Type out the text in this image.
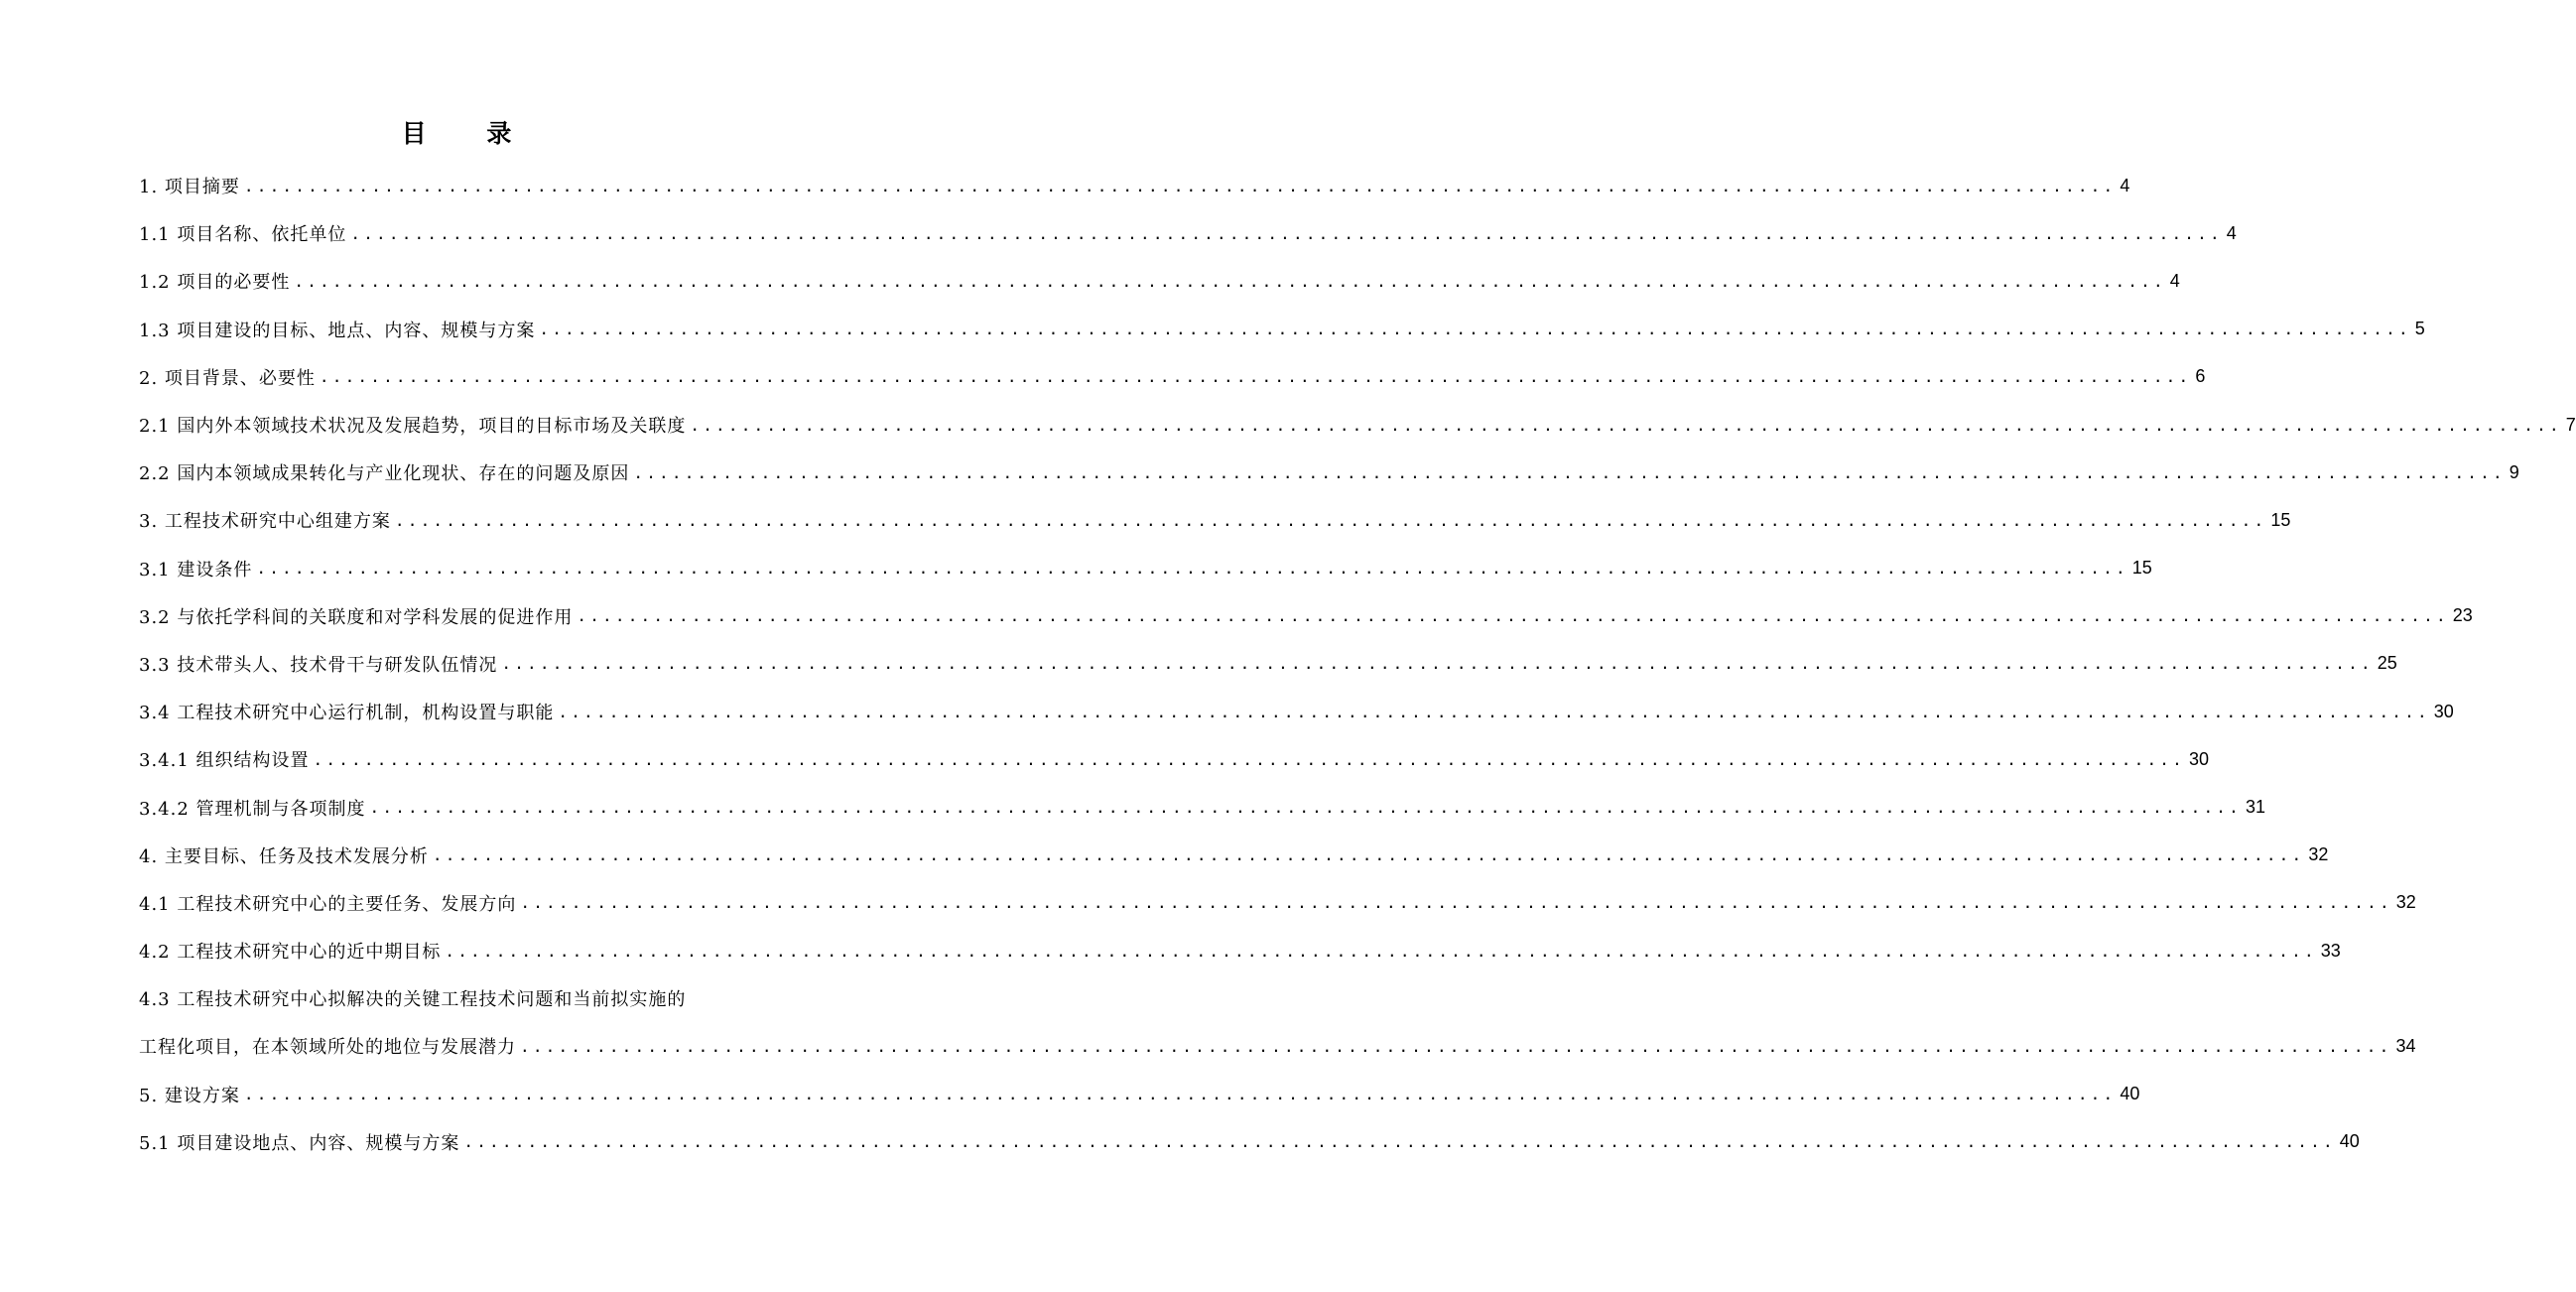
目 录
1. 项目摘要 ................................................................................................................................................... 4
1.1 项目名称、依托单位 ................................................................................................................................................... 4
1.2 项目的必要性 ................................................................................................................................................... 4
1.3 项目建设的目标、地点、内容、规模与方案 ................................................................................................................................................... 5
2. 项目背景、必要性 ................................................................................................................................................... 6
2.1 国内外本领域技术状况及发展趋势，项目的目标市场及关联度 ................................................................................................................................................... 7
2.2 国内本领域成果转化与产业化现状、存在的问题及原因 ................................................................................................................................................... 9
3. 工程技术研究中心组建方案 ................................................................................................................................................... 15
3.1 建设条件 ................................................................................................................................................... 15
3.2 与依托学科间的关联度和对学科发展的促进作用 ................................................................................................................................................... 23
3.3 技术带头人、技术骨干与研发队伍情况 ................................................................................................................................................... 25
3.4 工程技术研究中心运行机制，机构设置与职能 ................................................................................................................................................... 30
3.4.1 组织结构设置 ................................................................................................................................................... 30
3.4.2 管理机制与各项制度 ................................................................................................................................................... 31
4. 主要目标、任务及技术发展分析 ................................................................................................................................................... 32
4.1 工程技术研究中心的主要任务、发展方向 ................................................................................................................................................... 32
4.2 工程技术研究中心的近中期目标 ................................................................................................................................................... 33
4.3 工程技术研究中心拟解决的关键工程技术问题和当前拟实施的
工程化项目，在本领域所处的地位与发展潜力 ................................................................................................................................................... 34
5. 建设方案 ................................................................................................................................................... 40
5.1 项目建设地点、内容、规模与方案 ................................................................................................................................................... 40
